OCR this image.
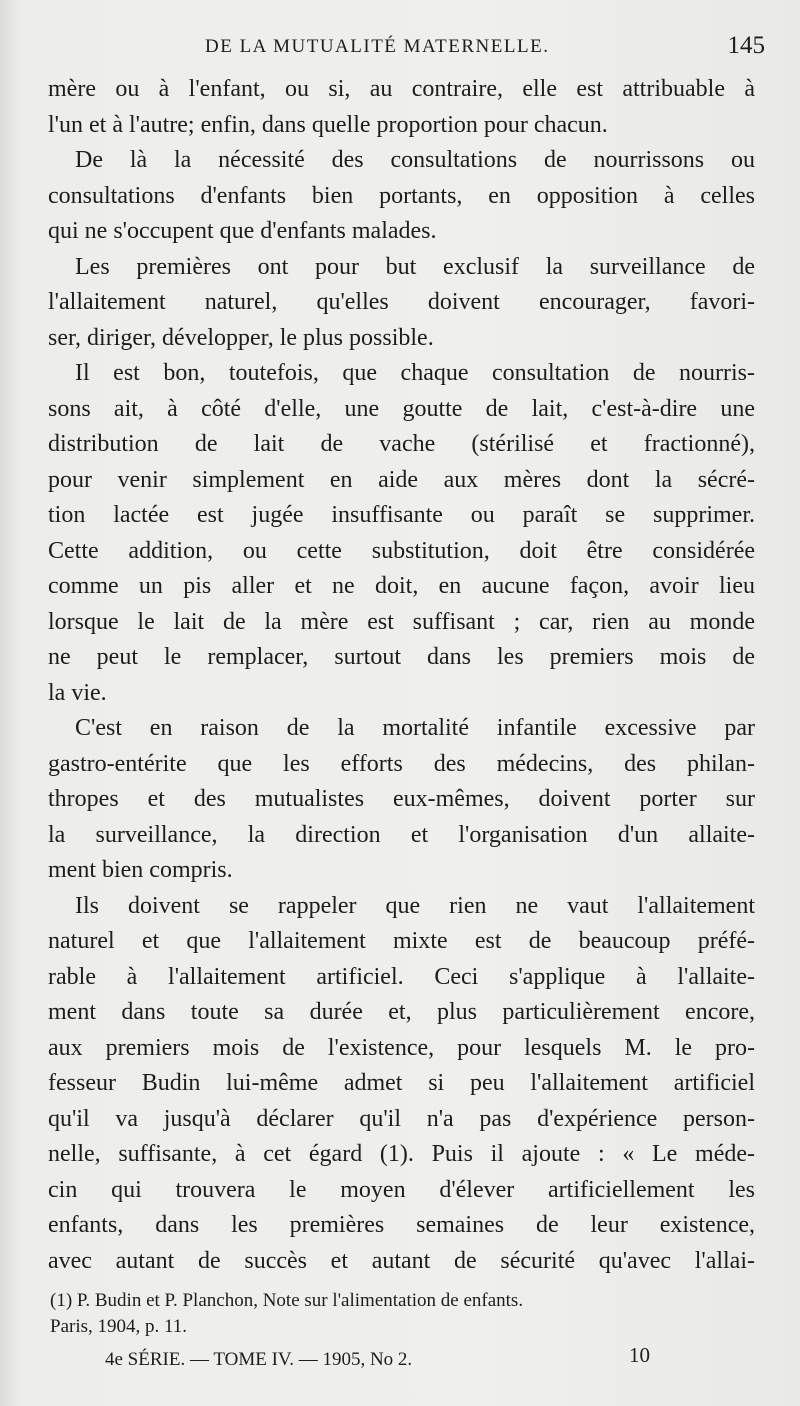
DE LA MUTUALITÉ MATERNELLE.	145
mère ou à l'enfant, ou si, au contraire, elle est attribuable à
l'un et à l'autre; enfin, dans quelle proportion pour chacun.
De là la nécessité des consultations de nourrissons ou
consultations d'enfants bien portants, en opposition à celles
qui ne s'occupent que d'enfants malades.
Les premières ont pour but exclusif la surveillance de
l'allaitement naturel, qu'elles doivent encourager, favori-
ser, diriger, développer, le plus possible.
Il est bon, toutefois, que chaque consultation de nourris-
sons ait, à côté d'elle, une goutte de lait, c'est-à-dire une
distribution de lait de vache (stérilisé et fractionné),
pour venir simplement en aide aux mères dont la sécré-
tion lactée est jugée insuffisante ou paraît se supprimer.
Cette addition, ou cette substitution, doit être considérée
comme un pis aller et ne doit, en aucune façon, avoir lieu
lorsque le lait de la mère est suffisant ; car, rien au monde
ne peut le remplacer, surtout dans les premiers mois de
la vie.
C'est en raison de la mortalité infantile excessive par
gastro-entérite que les efforts des médecins, des philan-
thropes et des mutualistes eux-mêmes, doivent porter sur
la surveillance, la direction et l'organisation d'un allaite-
ment bien compris.
Ils doivent se rappeler que rien ne vaut l'allaitement
naturel et que l'allaitement mixte est de beaucoup préfé-
rable à l'allaitement artificiel. Ceci s'applique à l'allaite-
ment dans toute sa durée et, plus particulièrement encore,
aux premiers mois de l'existence, pour lesquels M. le pro-
fesseur Budin lui-même admet si peu l'allaitement artificiel
qu'il va jusqu'à déclarer qu'il n'a pas d'expérience person-
nelle, suffisante, à cet égard (1). Puis il ajoute : « Le méde-
cin qui trouvera le moyen d'élever artificiellement les
enfants, dans les premières semaines de leur existence,
avec autant de succès et autant de sécurité qu'avec l'allai-
(1) P. Budin et P. Planchon, Note sur l'alimentation de enfants.
Paris, 1904, p. 11.
4e SÉRIE. — TOME IV. — 1905, No 2.	10
